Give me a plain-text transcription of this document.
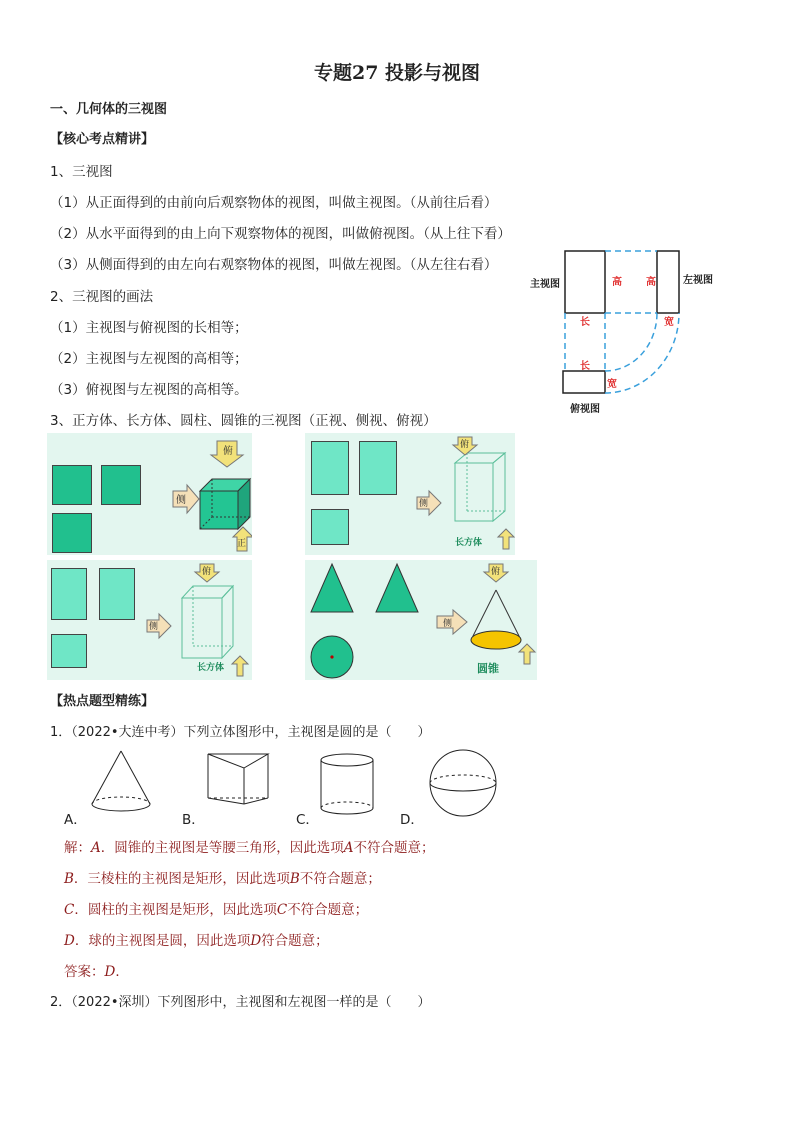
专题27 投影与视图
一、几何体的三视图
【核心考点精讲】
1、三视图
（1）从正面得到的由前向后观察物体的视图，叫做主视图。（从前往后看）
（2）从水平面得到的由上向下观察物体的视图，叫做俯视图。（从上往下看）
（3）从侧面得到的由左向右观察物体的视图，叫做左视图。（从左往右看）
2、三视图的画法
（1）主视图与俯视图的长相等；
（2）主视图与左视图的高相等；
（3）俯视图与左视图的高相等。
3、正方体、长方体、圆柱、圆锥的三视图（正视、侧视、俯视）
主视图	左视图
俯视图
高 高
长
长
宽
宽
俯
侧
正
俯
侧
长方体
俯
侧
长方体
俯
侧
圆锥
【热点题型精练】
1．（2022•大连中考）下列立体图形中，主视图是圆的是（　　）
A．	B．	C．	D．
解：A．圆锥的主视图是等腰三角形，因此选项A不符合题意；
B．三棱柱的主视图是矩形，因此选项B不符合题意；
C．圆柱的主视图是矩形，因此选项C不符合题意；
D．球的主视图是圆，因此选项D符合题意；
答案：D．
2．（2022•深圳）下列图形中，主视图和左视图一样的是（　　）
